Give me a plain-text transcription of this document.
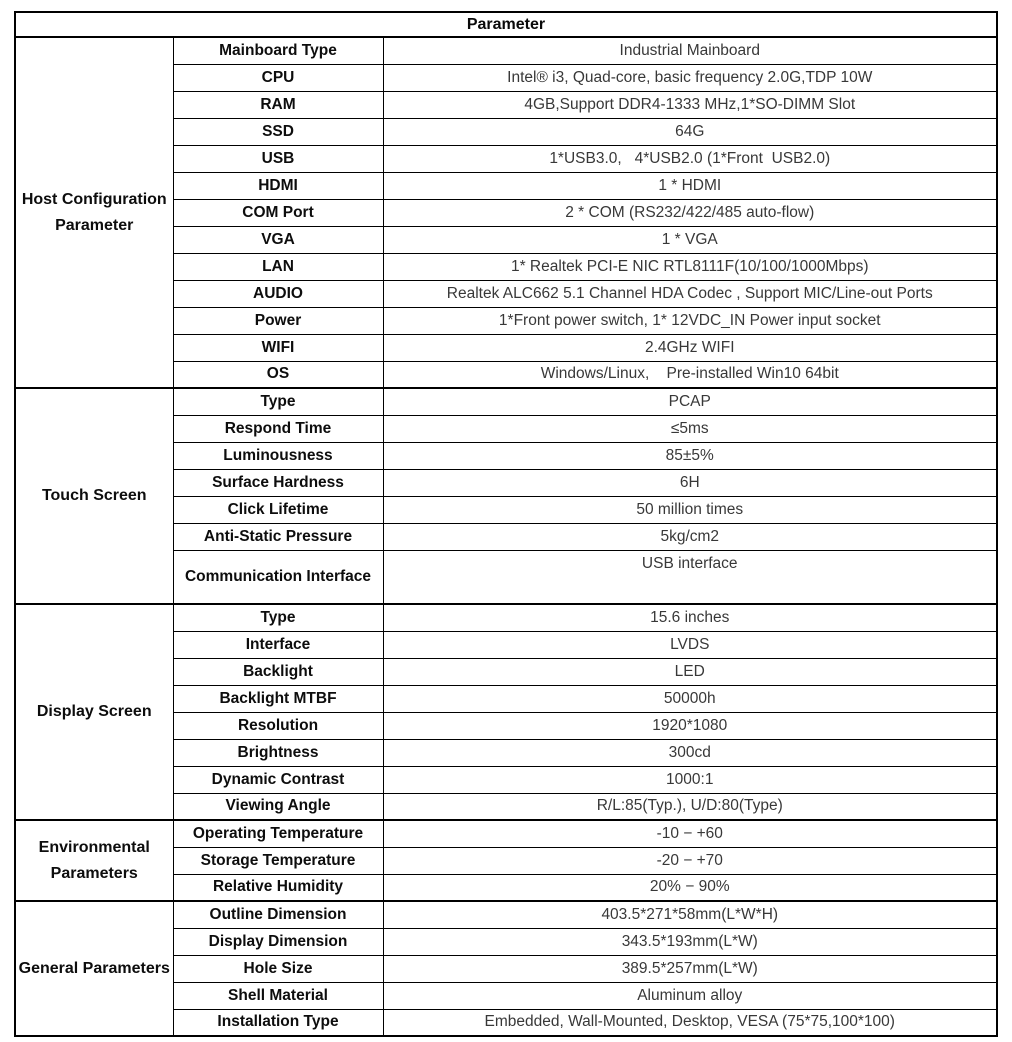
Parameter		
Host Configuration Parameter	Mainboard Type	Industrial Mainboard
	CPU	Intel® i3, Quad-core, basic frequency 2.0G,TDP 10W
	RAM	4GB,Support DDR4-1333 MHz,1*SO-DIMM Slot
	SSD	64G
	USB	1*USB3.0,   4*USB2.0 (1*Front  USB2.0)
	HDMI	1 * HDMI
	COM Port	2 * COM (RS232/422/485 auto-flow)
	VGA	1 * VGA
	LAN	1* Realtek PCI-E NIC RTL8111F(10/100/1000Mbps)
	AUDIO	Realtek ALC662 5.1 Channel HDA Codec , Support MIC/Line-out Ports
	Power	1*Front power switch, 1* 12VDC_IN Power input socket
	WIFI	2.4GHz WIFI
	OS	Windows/Linux,    Pre-installed Win10 64bit
Touch Screen	Type	PCAP
	Respond Time	≤5ms
	Luminousness	85±5%
	Surface Hardness	6H
	Click Lifetime	50 million times
	Anti-Static Pressure	5kg/cm2
	Communication Interface	USB interface
Display Screen	Type	15.6 inches
	Interface	LVDS
	Backlight	LED
	Backlight MTBF	50000h
	Resolution	1920*1080
	Brightness	300cd
	Dynamic Contrast	1000:1
	Viewing Angle	R/L:85(Typ.), U/D:80(Type)
Environmental Parameters	Operating Temperature	-10 − +60
	Storage Temperature	-20 − +70
	Relative Humidity	20% − 90%
General Parameters	Outline Dimension	403.5*271*58mm(L*W*H)
	Display Dimension	343.5*193mm(L*W)
	Hole Size	389.5*257mm(L*W)
	Shell Material	Aluminum alloy
	Installation Type	Embedded, Wall-Mounted, Desktop, VESA (75*75,100*100)
